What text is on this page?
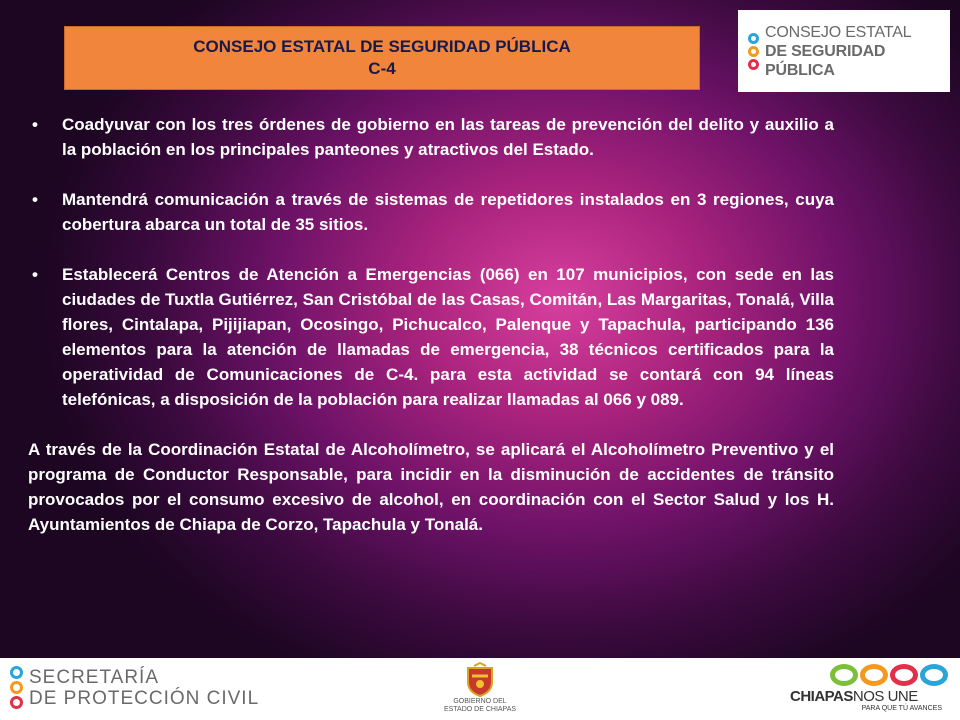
CONSEJO ESTATAL DE SEGURIDAD PÚBLICA
C-4
CONSEJO ESTATAL
DE SEGURIDAD PÚBLICA
• Coadyuvar con los tres órdenes de gobierno en las tareas de prevención del delito y auxilio a la población en los principales panteones y atractivos del Estado.
• Mantendrá comunicación a través de sistemas de repetidores instalados en 3 regiones, cuya cobertura abarca un total de 35 sitios.
• Establecerá Centros de Atención a Emergencias (066) en 107 municipios, con sede en las ciudades de Tuxtla Gutiérrez, San Cristóbal de las Casas, Comitán, Las Margaritas, Tonalá, Villa flores, Cintalapa, Pijijiapan, Ocosingo, Pichucalco, Palenque y Tapachula, participando 136 elementos para la atención de llamadas de emergencia, 38 técnicos certificados para la operatividad de Comunicaciones de C-4. para esta actividad se contará con 94 líneas telefónicas, a disposición de la población para realizar llamadas al 066 y 089.

A través de la Coordinación Estatal de Alcoholímetro, se aplicará el Alcoholímetro Preventivo y el programa de Conductor Responsable, para incidir en la disminución de accidentes de tránsito provocados por el consumo excesivo de alcohol, en coordinación con el Sector Salud y los H. Ayuntamientos de Chiapa de Corzo, Tapachula y Tonalá.

SECRETARÍA
DE PROTECCIÓN CIVIL	GOBIERNO DEL
ESTADO DE CHIAPAS
CHIAPASNOS UNE
PARA QUE TÚ AVANCES
